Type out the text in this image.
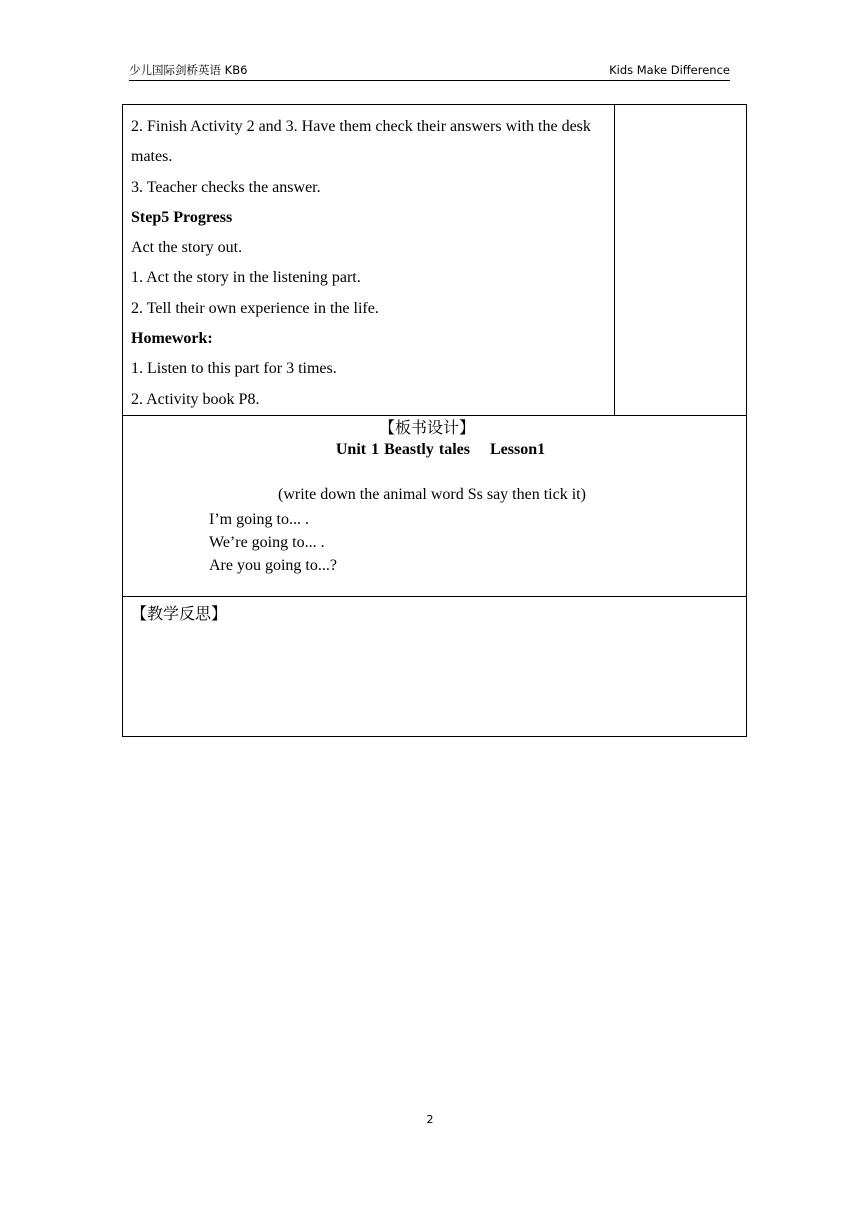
少儿国际剑桥英语 KB6	Kids Make Difference
2. Finish Activity 2 and 3. Have them check their answers with the desk mates.
3. Teacher checks the answer.
Step5 Progress
Act the story out.
1. Act the story in the listening part.
2. Tell their own experience in the life.
Homework:
1. Listen to this part for 3 times.
2. Activity book P8.

【板书设计】
Unit 1 Beastly tales    Lesson1
(write down the animal word Ss say then tick it)
I’m going to... .
We’re going to... .
Are you going to...?

【教学反思】
2
